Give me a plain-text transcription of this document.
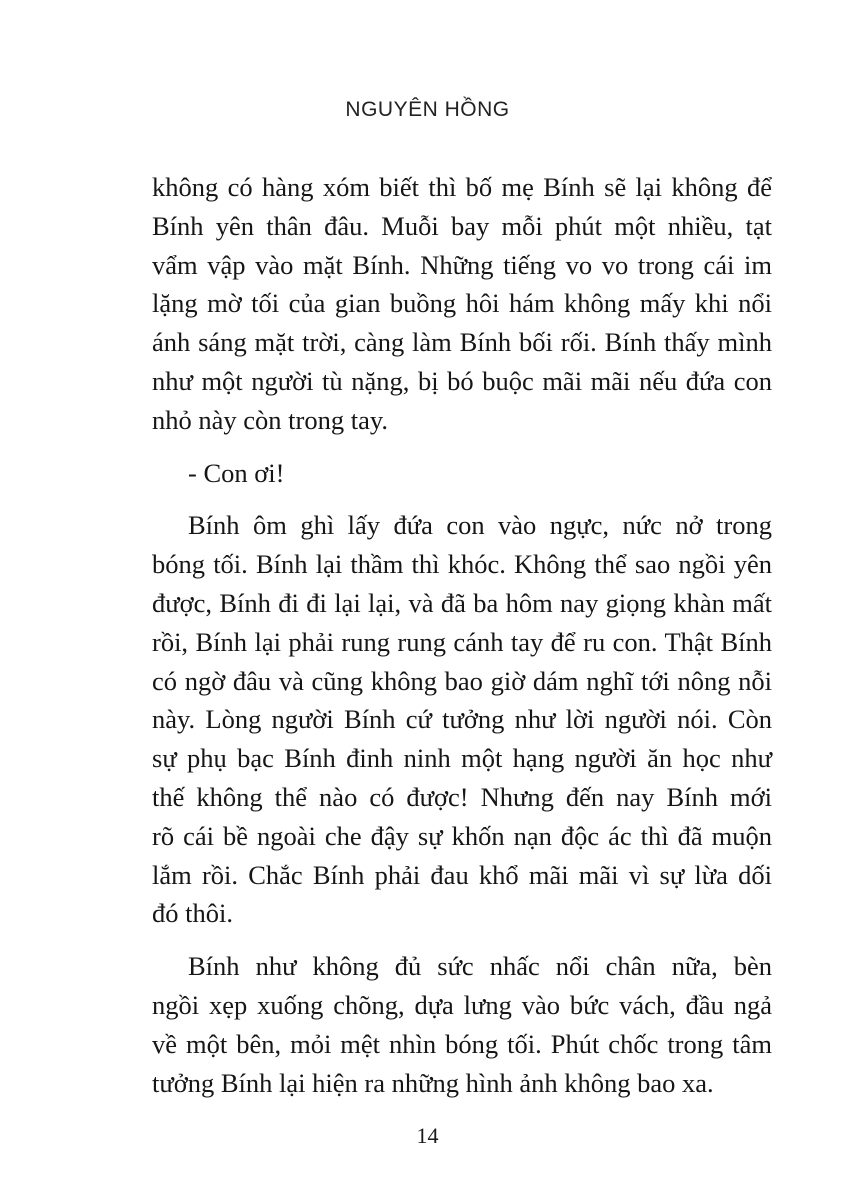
NGUYÊN HỒNG
không có hàng xóm biết thì bố mẹ Bính sẽ lại không để
Bính yên thân đâu. Muỗi bay mỗi phút một nhiều, tạt
vẩm vập vào mặt Bính. Những tiếng vo vo trong cái im
lặng mờ tối của gian buồng hôi hám không mấy khi nổi
ánh sáng mặt trời, càng làm Bính bối rối. Bính thấy mình
như một người tù nặng, bị bó buộc mãi mãi nếu đứa con
nhỏ này còn trong tay.
- Con ơi!
Bính ôm ghì lấy đứa con vào ngực, nức nở trong
bóng tối. Bính lại thầm thì khóc. Không thể sao ngồi yên
được, Bính đi đi lại lại, và đã ba hôm nay giọng khàn mất
rồi, Bính lại phải rung rung cánh tay để ru con. Thật Bính
có ngờ đâu và cũng không bao giờ dám nghĩ tới nông nỗi
này. Lòng người Bính cứ tưởng như lời người nói. Còn
sự phụ bạc Bính đinh ninh một hạng người ăn học như
thế không thể nào có được! Nhưng đến nay Bính mới
rõ cái bề ngoài che đậy sự khốn nạn độc ác thì đã muộn
lắm rồi. Chắc Bính phải đau khổ mãi mãi vì sự lừa dối
đó thôi.
Bính như không đủ sức nhấc nổi chân nữa, bèn
ngồi xẹp xuống chõng, dựa lưng vào bức vách, đầu ngả
về một bên, mỏi mệt nhìn bóng tối. Phút chốc trong tâm
tưởng Bính lại hiện ra những hình ảnh không bao xa.
14
